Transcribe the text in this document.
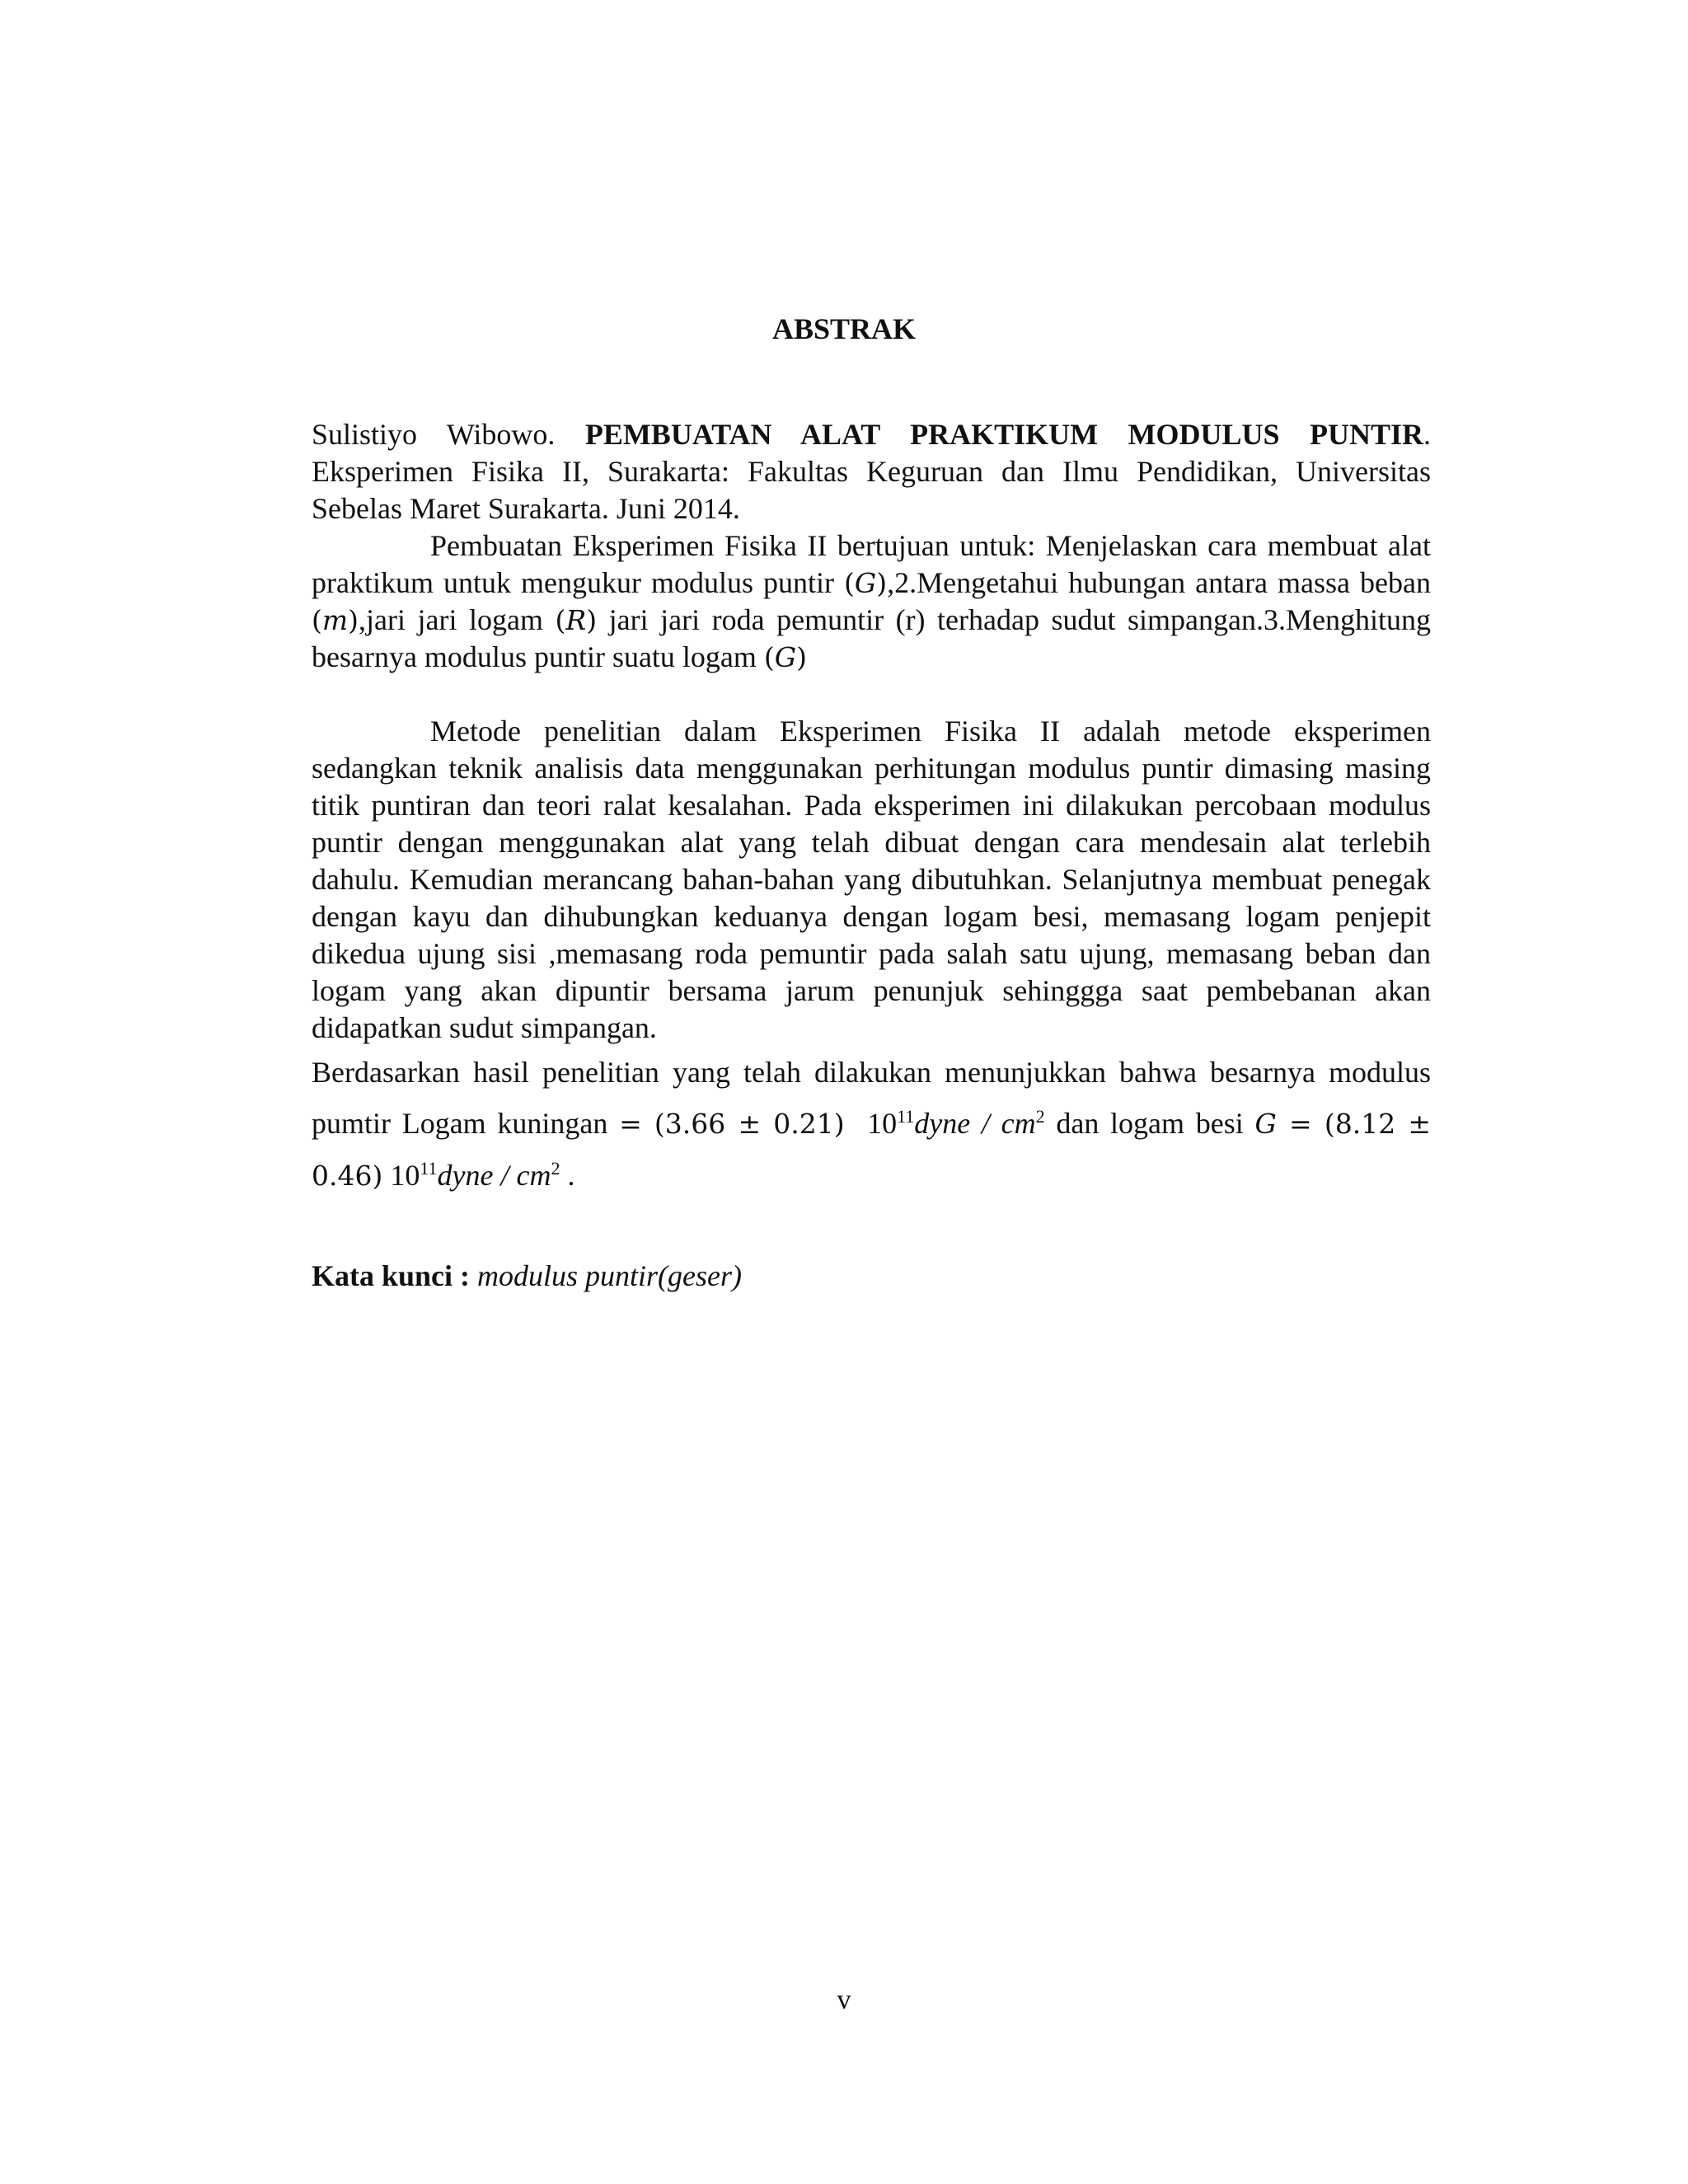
ABSTRAK

Sulistiyo Wibowo. PEMBUATAN ALAT PRAKTIKUM MODULUS PUNTIR. Eksperimen Fisika II, Surakarta: Fakultas Keguruan dan Ilmu Pendidikan, Universitas Sebelas Maret Surakarta. Juni 2014.

Pembuatan Eksperimen Fisika II bertujuan untuk: Menjelaskan cara membuat alat praktikum untuk mengukur modulus puntir (G),2.Mengetahui hubungan antara massa beban (m),jari jari logam (R) jari jari roda pemuntir (r) terhadap sudut simpangan.3.Menghitung besarnya modulus puntir suatu logam (G)

Metode penelitian dalam Eksperimen Fisika II adalah metode eksperimen sedangkan teknik analisis data menggunakan perhitungan modulus puntir dimasing masing titik puntiran dan teori ralat kesalahan. Pada eksperimen ini dilakukan percobaan modulus puntir dengan menggunakan alat yang telah dibuat dengan cara mendesain alat terlebih dahulu. Kemudian merancang bahan-bahan yang dibutuhkan. Selanjutnya membuat penegak dengan kayu dan dihubungkan keduanya dengan logam besi, memasang logam penjepit dikedua ujung sisi ,memasang roda pemuntir pada salah satu ujung, memasang beban dan logam yang akan dipuntir bersama jarum penunjuk sehinggga saat pembebanan akan didapatkan sudut simpangan.

Berdasarkan hasil penelitian yang telah dilakukan menunjukkan bahwa besarnya modulus pumtir Logam kuningan = (3.66 ± 0.21) $10^{11}dyne / cm^2$ dan logam besi G = (8.12 ± 0.46) $10^{11}dyne / cm^2$ .

Kata kunci : modulus puntir(geser)

v
